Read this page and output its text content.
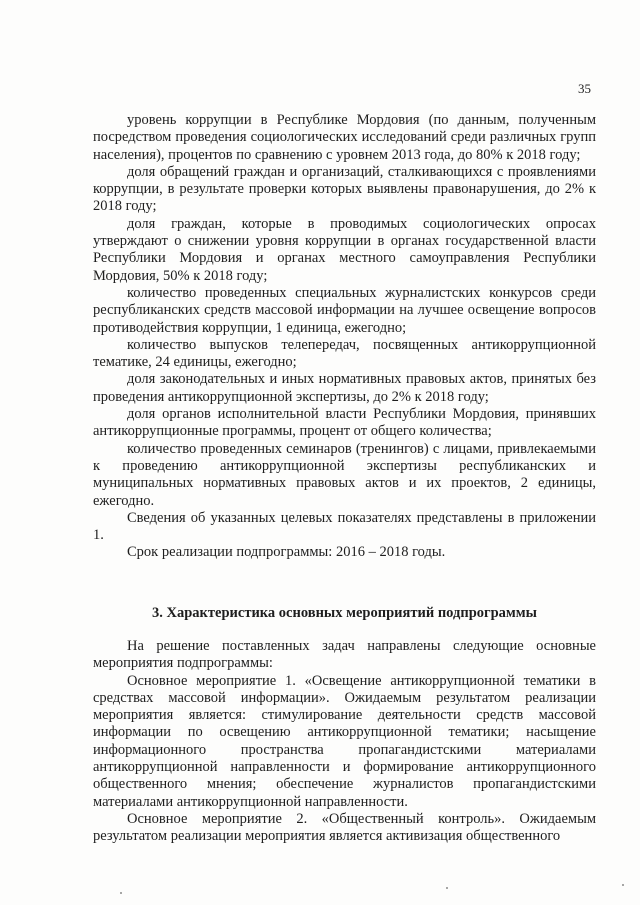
35

уровень коррупции в Республике Мордовия (по данным, полученным посредством проведения социологических исследований среди различных групп населения), процентов по сравнению с уровнем 2013 года, до 80% к 2018 году;

доля обращений граждан и организаций, сталкивающихся с проявлениями коррупции, в результате проверки которых выявлены правонарушения, до 2% к 2018 году;

доля граждан, которые в проводимых социологических опросах утверждают о снижении уровня коррупции в органах государственной власти Республики Мордовия и органах местного самоуправления Республики Мордовия, 50% к 2018 году;

количество проведенных специальных журналистских конкурсов среди республиканских средств массовой информации на лучшее освещение вопросов противодействия коррупции, 1 единица, ежегодно;

количество выпусков телепередач, посвященных антикоррупционной тематике, 24 единицы, ежегодно;

доля законодательных и иных нормативных правовых актов, принятых без проведения антикоррупционной экспертизы, до 2% к 2018 году;

доля органов исполнительной власти Республики Мордовия, принявших антикоррупционные программы, процент от общего количества;

количество проведенных семинаров (тренингов) с лицами, привлекаемыми к проведению антикоррупционной экспертизы республиканских и муниципальных нормативных правовых актов и их проектов, 2 единицы, ежегодно.

Сведения об указанных целевых показателях представлены в приложении 1.

Срок реализации подпрограммы: 2016 – 2018 годы.

3. Характеристика основных мероприятий подпрограммы

На решение поставленных задач направлены следующие основные мероприятия подпрограммы:

Основное мероприятие 1. «Освещение антикоррупционной тематики в средствах массовой информации». Ожидаемым результатом реализации мероприятия является: стимулирование деятельности средств массовой информации по освещению антикоррупционной тематики; насыщение информационного пространства пропагандистскими материалами антикоррупционной направленности и формирование антикоррупционного общественного мнения; обеспечение журналистов пропагандистскими материалами антикоррупционной направленности.

Основное мероприятие 2. «Общественный контроль». Ожидаемым результатом реализации мероприятия является активизация общественного
